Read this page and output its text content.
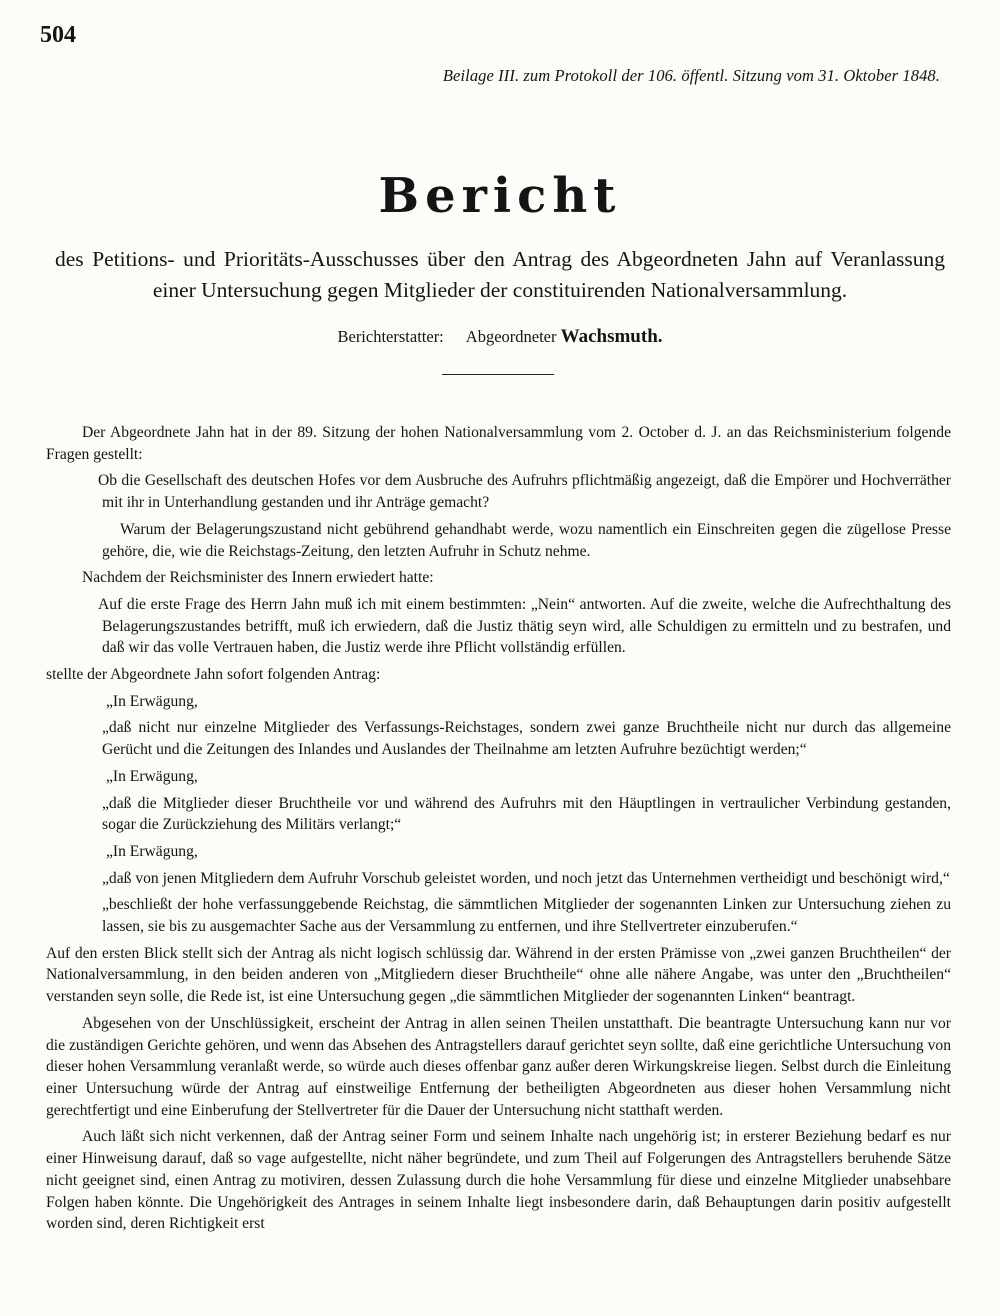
504
Beilage III. zum Protokoll der 106. öffentl. Sitzung vom 31. Oktober 1848.
Bericht
des Petitions- und Prioritäts-Ausschusses über den Antrag des Abgeordneten Jahn auf Veranlassung einer Untersuchung gegen Mitglieder der constituirenden Nationalversammlung.
Berichterstatter: Abgeordneter Wachsmuth.

Der Abgeordnete Jahn hat in der 89. Sitzung der hohen Nationalversammlung vom 2. October d. J. an das Reichsministerium folgende Fragen gestellt:

Ob die Gesellschaft des deutschen Hofes vor dem Ausbruche des Aufruhrs pflichtmäßig angezeigt, daß die Empörer und Hochverräther mit ihr in Unterhandlung gestanden und ihr Anträge gemacht?

Warum der Belagerungszustand nicht gebührend gehandhabt werde, wozu namentlich ein Einschreiten gegen die zügellose Presse gehöre, die, wie die Reichstags-Zeitung, den letzten Aufruhr in Schutz nehme.

Nachdem der Reichsminister des Innern erwiedert hatte:

Auf die erste Frage des Herrn Jahn muß ich mit einem bestimmten: „Nein“ antworten. Auf die zweite, welche die Aufrechthaltung des Belagerungszustandes betrifft, muß ich erwiedern, daß die Justiz thätig seyn wird, alle Schuldigen zu ermitteln und zu bestrafen, und daß wir das volle Vertrauen haben, die Justiz werde ihre Pflicht vollständig erfüllen.

stellte der Abgeordnete Jahn sofort folgenden Antrag:

„In Erwägung,

„daß nicht nur einzelne Mitglieder des Verfassungs-Reichstages, sondern zwei ganze Bruchtheile nicht nur durch das allgemeine Gerücht und die Zeitungen des Inlandes und Auslandes der Theilnahme am letzten Aufruhre bezüchtigt werden;“

„In Erwägung,

„daß die Mitglieder dieser Bruchtheile vor und während des Aufruhrs mit den Häuptlingen in vertraulicher Verbindung gestanden, sogar die Zurückziehung des Militärs verlangt;“

„In Erwägung,

„daß von jenen Mitgliedern dem Aufruhr Vorschub geleistet worden, und noch jetzt das Unternehmen vertheidigt und beschönigt wird,“

„beschließt der hohe verfassunggebende Reichstag, die sämmtlichen Mitglieder der sogenannten Linken zur Untersuchung ziehen zu lassen, sie bis zu ausgemachter Sache aus der Versammlung zu entfernen, und ihre Stellvertreter einzuberufen.“

Auf den ersten Blick stellt sich der Antrag als nicht logisch schlüssig dar. Während in der ersten Prämisse von „zwei ganzen Bruchtheilen“ der Nationalversammlung, in den beiden anderen von „Mitgliedern dieser Bruchtheile“ ohne alle nähere Angabe, was unter den „Bruchtheilen“ verstanden seyn solle, die Rede ist, ist eine Untersuchung gegen „die sämmtlichen Mitglieder der sogenannten Linken“ beantragt.

Abgesehen von der Unschlüssigkeit, erscheint der Antrag in allen seinen Theilen unstatthaft. Die beantragte Untersuchung kann nur vor die zuständigen Gerichte gehören, und wenn das Absehen des Antragstellers darauf gerichtet seyn sollte, daß eine gerichtliche Untersuchung von dieser hohen Versammlung veranlaßt werde, so würde auch dieses offenbar ganz außer deren Wirkungskreise liegen. Selbst durch die Einleitung einer Untersuchung würde der Antrag auf einstweilige Entfernung der betheiligten Abgeordneten aus dieser hohen Versammlung nicht gerechtfertigt und eine Einberufung der Stellvertreter für die Dauer der Untersuchung nicht statthaft werden.

Auch läßt sich nicht verkennen, daß der Antrag seiner Form und seinem Inhalte nach ungehörig ist; in ersterer Beziehung bedarf es nur einer Hinweisung darauf, daß so vage aufgestellte, nicht näher begründete, und zum Theil auf Folgerungen des Antragstellers beruhende Sätze nicht geeignet sind, einen Antrag zu motiviren, dessen Zulassung durch die hohe Versammlung für diese und einzelne Mitglieder unabsehbare Folgen haben könnte. Die Ungehörigkeit des Antrages in seinem Inhalte liegt insbesondere darin, daß Behauptungen darin positiv aufgestellt worden sind, deren Richtigkeit erst
